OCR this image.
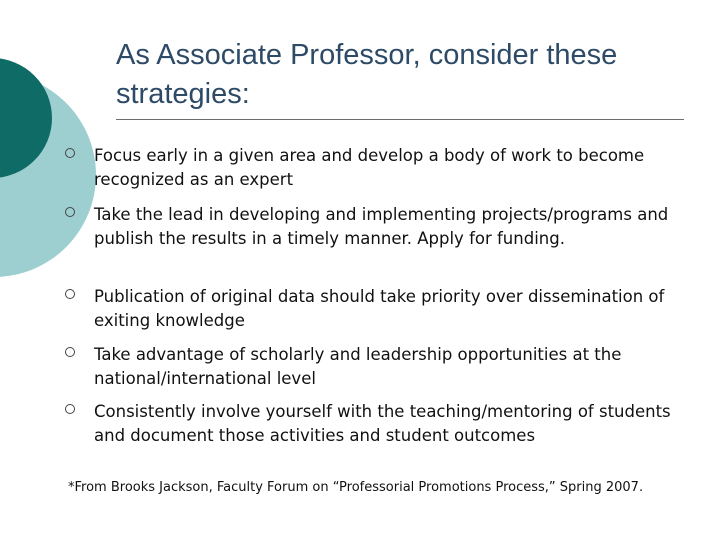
As Associate Professor, consider these strategies:
Focus early in a given area and develop a body of work to become recognized as an expert
Take the lead in developing and implementing projects/programs and publish the results in a timely manner. Apply for funding.
Publication of original data should take priority over dissemination of exiting knowledge
Take advantage of scholarly and leadership opportunities at the national/international level
Consistently involve yourself with the teaching/mentoring of students and document those activities and student outcomes
*From Brooks Jackson, Faculty Forum on “Professorial Promotions Process,” Spring 2007.
